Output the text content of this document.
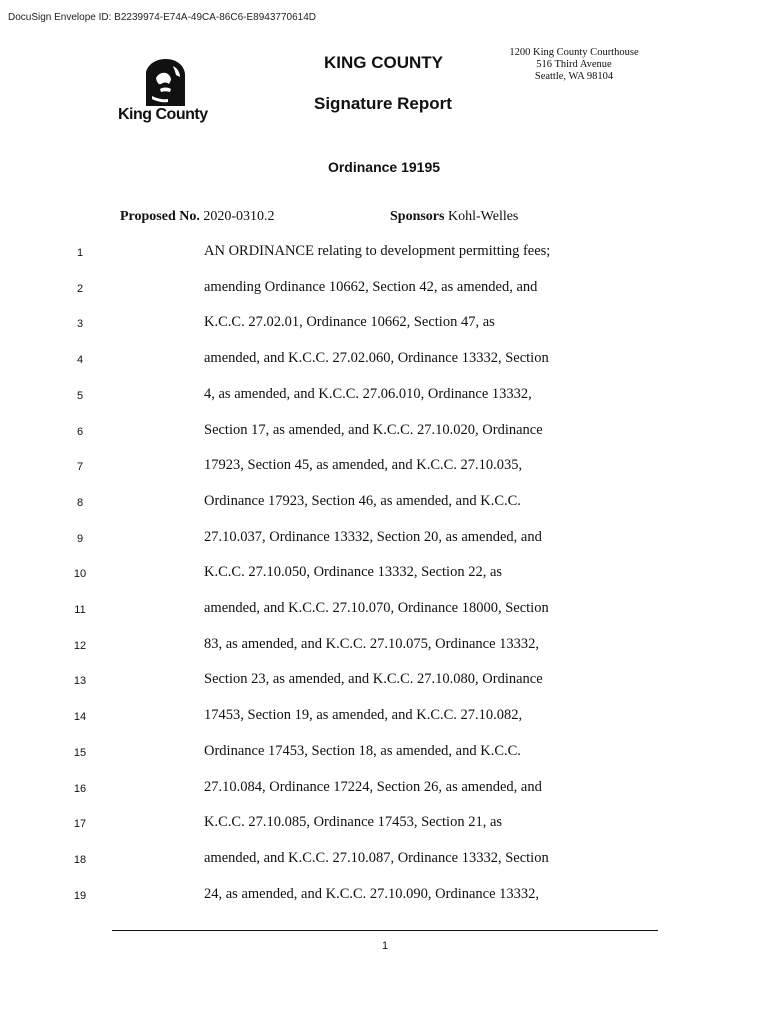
DocuSign Envelope ID: B2239974-E74A-49CA-86C6-E8943770614D
King County
KING COUNTY
1200 King County Courthouse
516 Third Avenue
Seattle, WA 98104
Signature Report
Ordinance 19195
Proposed No. 2020-0310.2	Sponsors Kohl-Welles
1	AN ORDINANCE relating to development permitting fees;
2	amending Ordinance 10662, Section 42, as amended, and
3	K.C.C. 27.02.01, Ordinance 10662, Section 47, as
4	amended, and K.C.C. 27.02.060, Ordinance 13332, Section
5	4, as amended, and K.C.C. 27.06.010, Ordinance 13332,
6	Section 17, as amended, and K.C.C. 27.10.020, Ordinance
7	17923, Section 45, as amended, and K.C.C. 27.10.035,
8	Ordinance 17923, Section 46, as amended, and K.C.C.
9	27.10.037, Ordinance 13332, Section 20, as amended, and
10	K.C.C. 27.10.050, Ordinance 13332, Section 22, as
11	amended, and K.C.C. 27.10.070, Ordinance 18000, Section
12	83, as amended, and K.C.C. 27.10.075, Ordinance 13332,
13	Section 23, as amended, and K.C.C. 27.10.080, Ordinance
14	17453, Section 19, as amended, and K.C.C. 27.10.082,
15	Ordinance 17453, Section 18, as amended, and K.C.C.
16	27.10.084, Ordinance 17224, Section 26, as amended, and
17	K.C.C. 27.10.085, Ordinance 17453, Section 21, as
18	amended, and K.C.C. 27.10.087, Ordinance 13332, Section
19	24, as amended, and K.C.C. 27.10.090, Ordinance 13332,
1
